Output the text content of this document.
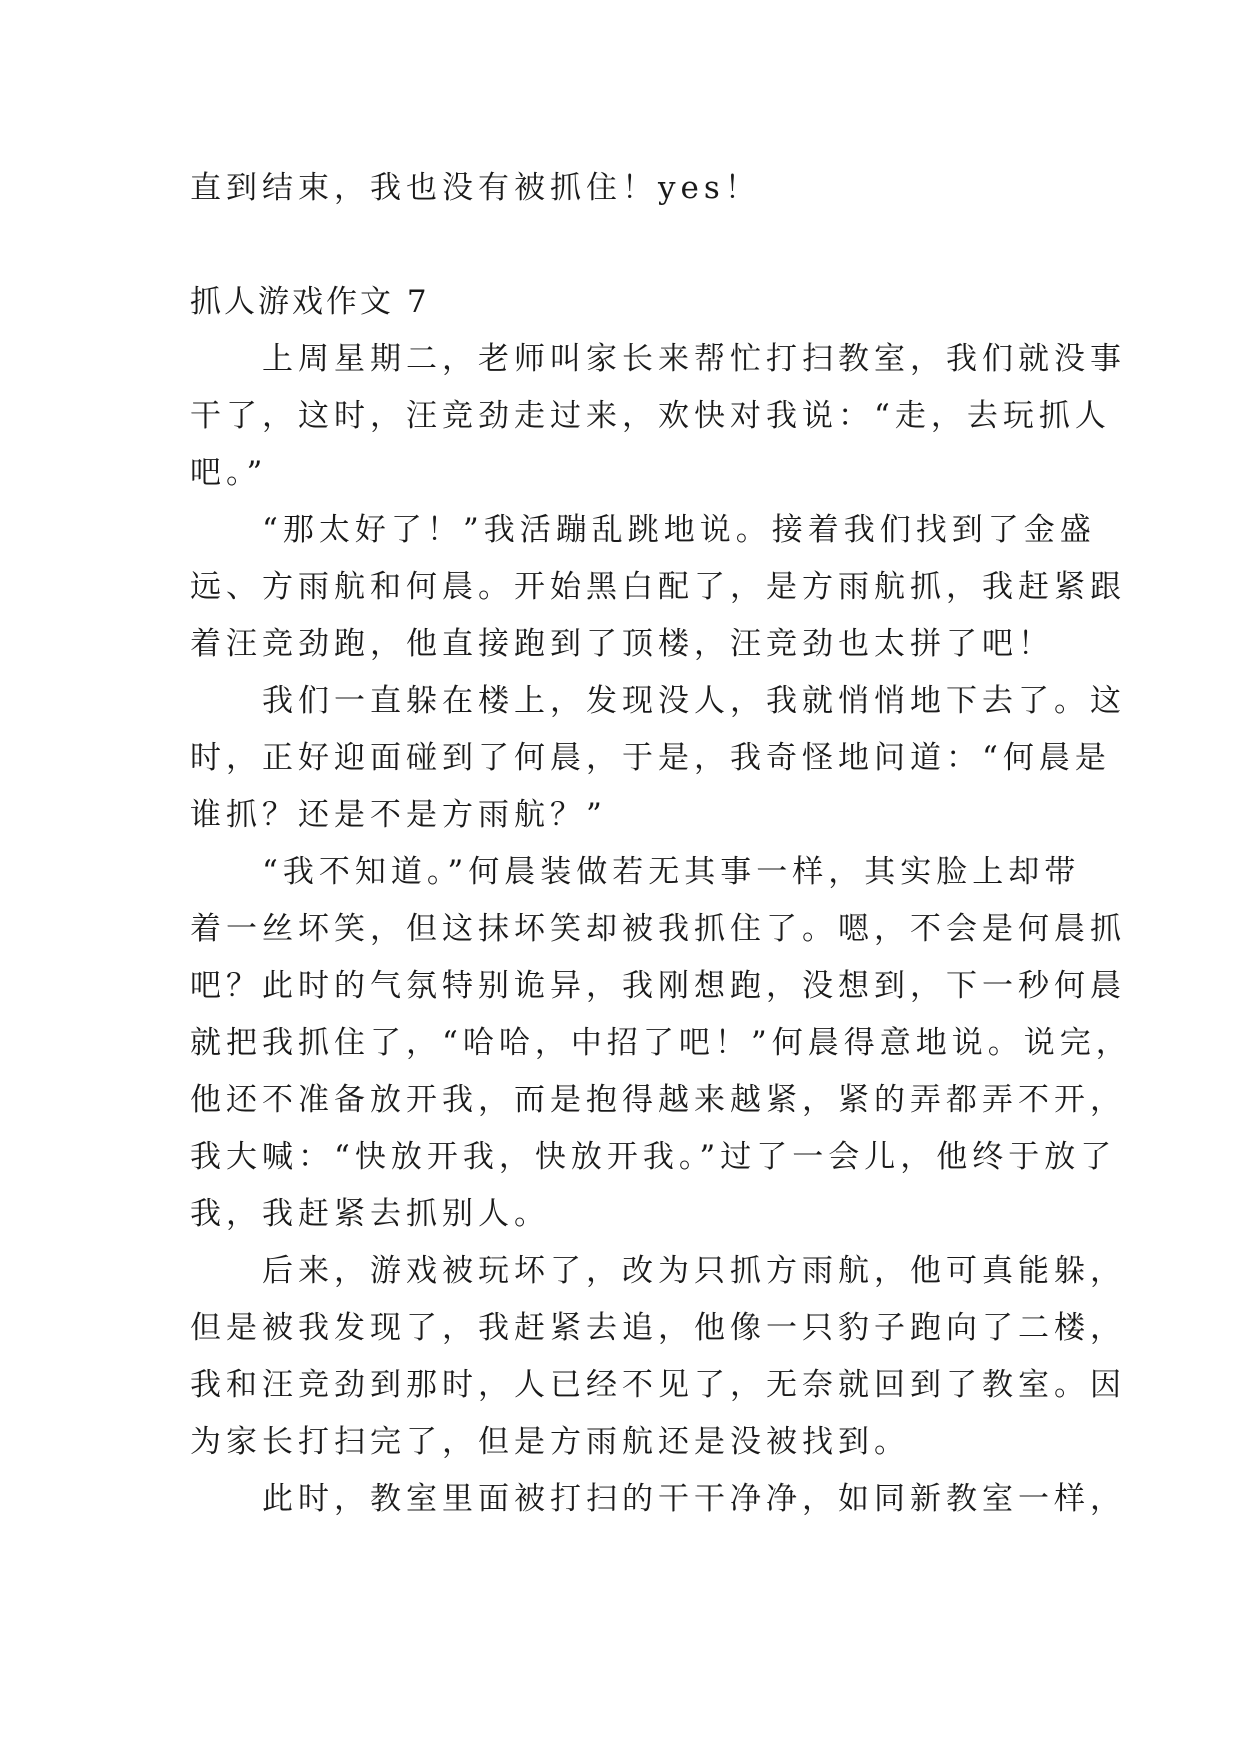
直到结束，我也没有被抓住！yes！

抓人游戏作文 7

上周星期二，老师叫家长来帮忙打扫教室，我们就没事

干了，这时，汪竞劲走过来，欢快对我说：“走，去玩抓人

吧。”

“那太好了！”我活蹦乱跳地说。接着我们找到了金盛

远、方雨航和何晨。开始黑白配了，是方雨航抓，我赶紧跟

着汪竞劲跑，他直接跑到了顶楼，汪竞劲也太拼了吧！

我们一直躲在楼上，发现没人，我就悄悄地下去了。这

时，正好迎面碰到了何晨，于是，我奇怪地问道：“何晨是

谁抓？还是不是方雨航？”

“我不知道。”何晨装做若无其事一样，其实脸上却带

着一丝坏笑，但这抹坏笑却被我抓住了。嗯，不会是何晨抓

吧？此时的气氛特别诡异，我刚想跑，没想到，下一秒何晨

就把我抓住了，“哈哈，中招了吧！”何晨得意地说。说完，

他还不准备放开我，而是抱得越来越紧，紧的弄都弄不开，

我大喊：“快放开我，快放开我。”过了一会儿，他终于放了

我，我赶紧去抓别人。

后来，游戏被玩坏了，改为只抓方雨航，他可真能躲，

但是被我发现了，我赶紧去追，他像一只豹子跑向了二楼，

我和汪竞劲到那时，人已经不见了，无奈就回到了教室。因

为家长打扫完了，但是方雨航还是没被找到。

此时，教室里面被打扫的干干净净，如同新教室一样，
